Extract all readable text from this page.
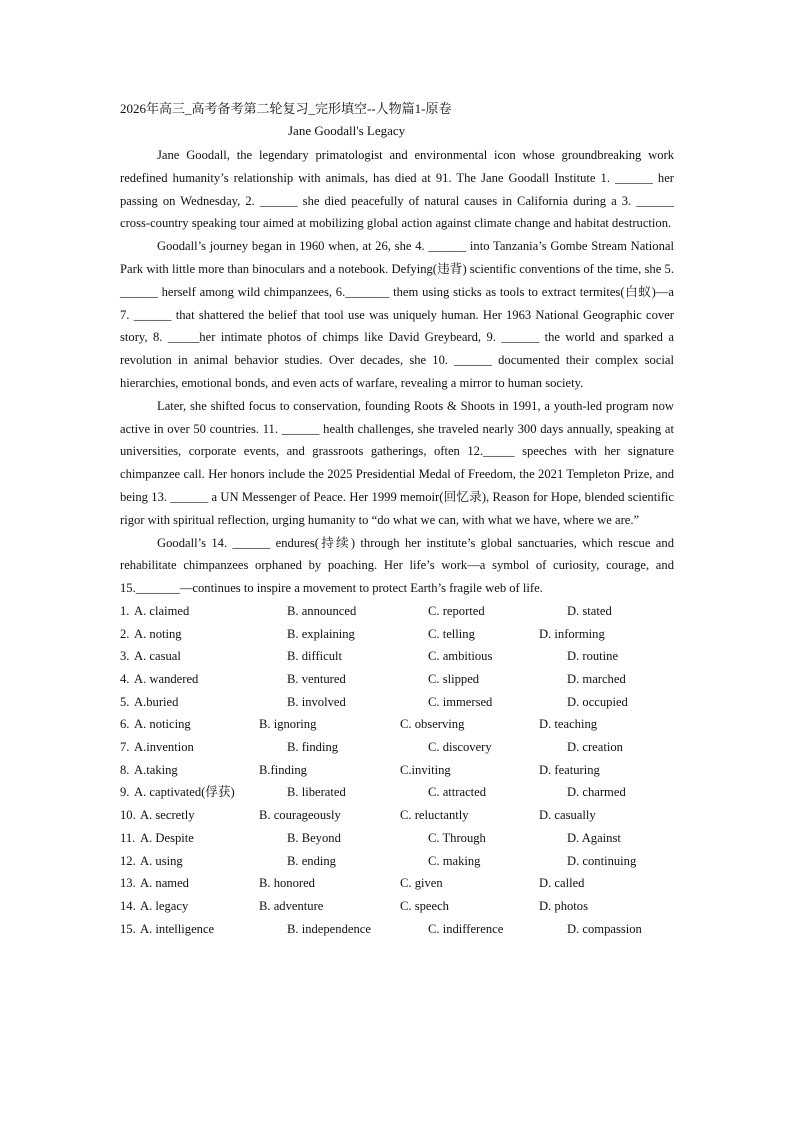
2026年高三_高考备考第二轮复习_完形填空--人物篇1-原卷
Jane Goodall's Legacy

Jane Goodall, the legendary primatologist and environmental icon whose groundbreaking work redefined humanity’s relationship with animals, has died at 91. The Jane Goodall Institute 1. ______ her passing on Wednesday, 2. ______ she died peacefully of natural causes in California during a 3. ______ cross-country speaking tour aimed at mobilizing global action against climate change and habitat destruction.

Goodall’s journey began in 1960 when, at 26, she 4. ______ into Tanzania’s Gombe Stream National Park with little more than binoculars and a notebook. Defying(违背) scientific conventions of the time, she 5. ______ herself among wild chimpanzees, 6._______ them using sticks as tools to extract termites(白蚁)—a 7. ______ that shattered the belief that tool use was uniquely human. Her 1963 National Geographic cover story, 8. _____her intimate photos of chimps like David Greybeard, 9. ______ the world and sparked a revolution in animal behavior studies. Over decades, she 10. ______ documented their complex social hierarchies, emotional bonds, and even acts of warfare, revealing a mirror to human society.

Later, she shifted focus to conservation, founding Roots & Shoots in 1991, a youth-led program now active in over 50 countries. 11. ______ health challenges, she traveled nearly 300 days annually, speaking at universities, corporate events, and grassroots gatherings, often 12._____ speeches with her signature chimpanzee call. Her honors include the 2025 Presidential Medal of Freedom, the 2021 Templeton Prize, and being 13. ______ a UN Messenger of Peace. Her 1999 memoir(回忆录), Reason for Hope, blended scientific rigor with spiritual reflection, urging humanity to “do what we can, with what we have, where we are.”

Goodall’s 14. ______ endures(持续) through her institute’s global sanctuaries, which rescue and rehabilitate chimpanzees orphaned by poaching. Her life’s work—a symbol of curiosity, courage, and 15._______—continues to inspire a movement to protect Earth’s fragile web of life.

1. A. claimed	B. announced	C. reported	D. stated
2. A. noting	B. explaining	C. telling	D. informing
3. A. casual	B. difficult	C. ambitious	D. routine
4. A. wandered	B. ventured	C. slipped	D. marched
5. A.buried	B. involved	C. immersed	D. occupied
6. A. noticing	B. ignoring	C. observing	D. teaching
7. A.invention	B. finding	C. discovery	D. creation
8. A.taking	B.finding	C.inviting	D. featuring
9. A. captivated(俘获)	B. liberated	C. attracted	D. charmed
10. A. secretly	B. courageously	C. reluctantly	D. casually
11. A. Despite	B. Beyond	C. Through	D. Against
12. A. using	B. ending	C. making	D. continuing
13. A. named	B. honored	C. given	D. called
14. A. legacy	B. adventure	C. speech	D. photos
15. A. intelligence	B. independence	C. indifference	D. compassion
